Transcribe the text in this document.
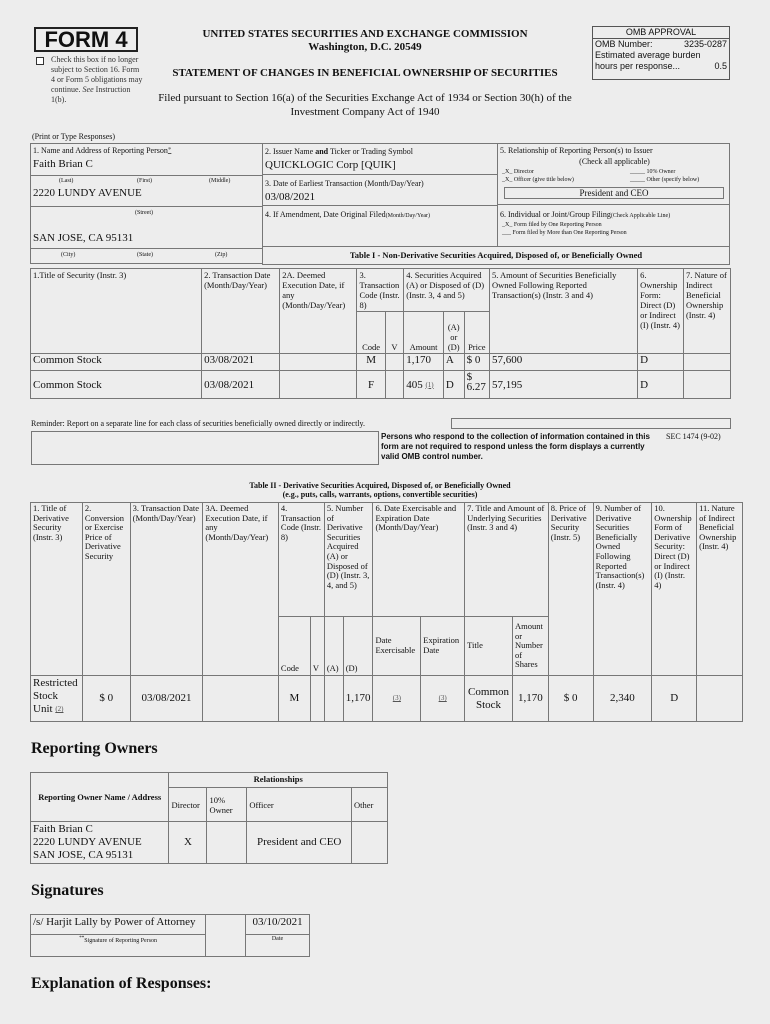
FORM 4
Check this box if no longer subject to Section 16. Form 4 or Form 5 obligations may continue. See Instruction 1(b).
UNITED STATES SECURITIES AND EXCHANGE COMMISSION
Washington, D.C. 20549
STATEMENT OF CHANGES IN BENEFICIAL OWNERSHIP OF SECURITIES
Filed pursuant to Section 16(a) of the Securities Exchange Act of 1934 or Section 30(h) of the
Investment Company Act of 1940
OMB APPROVAL
OMB Number:	3235-0287
Estimated average burden
hours per response...	0.5
(Print or Type Responses)
1. Name and Address of Reporting Person*
Faith Brian C
(Last)	(First)	(Middle)
2220 LUNDY AVENUE
(Street)
SAN JOSE, CA 95131
(City)	(State)	(Zip)
2. Issuer Name and Ticker or Trading Symbol
QUICKLOGIC Corp [QUIK]
3. Date of Earliest Transaction (Month/Day/Year)
03/08/2021
4. If Amendment, Date Original Filed(Month/Day/Year)
5. Relationship of Reporting Person(s) to Issuer
(Check all applicable)
_X_ Director	_____ 10% Owner
_X_ Officer (give title below)	_____ Other (specify below)
President and CEO
6. Individual or Joint/Group Filing(Check Applicable Line)
_X_ Form filed by One Reporting Person
___ Form filed by More than One Reporting Person
Table I - Non-Derivative Securities Acquired, Disposed of, or Beneficially Owned
1.Title of Security (Instr. 3)	2. Transaction Date (Month/Day/Year)	2A. Deemed Execution Date, if any (Month/Day/Year)	3. Transaction Code (Instr. 8)		4. Securities Acquired (A) or Disposed of (D) (Instr. 3, 4 and 5)			5. Amount of Securities Beneficially Owned Following Reported Transaction(s) (Instr. 3 and 4)	6. Ownership Form: Direct (D) or Indirect (I) (Instr. 4)	7. Nature of Indirect Beneficial Ownership (Instr. 4)
			Code	V	Amount	(A) or (D)	Price			
Common Stock	03/08/2021		M		1,170	A	$ 0	57,600	D	
Common Stock	03/08/2021		F		405 $^{(1)}$	D	$ 6.27	57,195	D	
Reminder: Report on a separate line for each class of securities beneficially owned directly or indirectly.
Persons who respond to the collection of information contained in this form are not required to respond unless the form displays a currently valid OMB control number.
SEC 1474 (9-02)
Table II - Derivative Securities Acquired, Disposed of, or Beneficially Owned
(e.g., puts, calls, warrants, options, convertible securities)
1. Title of Derivative Security (Instr. 3)	2. Conversion or Exercise Price of Derivative Security	3. Transaction Date (Month/Day/Year)	3A. Deemed Execution Date, if any (Month/Day/Year)	4. Transaction Code (Instr. 8)		5. Number of Derivative Securities Acquired (A) or Disposed of (D) (Instr. 3, 4, and 5)		6. Date Exercisable and Expiration Date (Month/Day/Year)		7. Title and Amount of Underlying Securities (Instr. 3 and 4)		8. Price of Derivative Security (Instr. 5)	9. Number of Derivative Securities Beneficially Owned Following Reported Transaction(s) (Instr. 4)	10. Ownership Form of Derivative Security: Direct (D) or Indirect (I) (Instr. 4)	11. Nature of Indirect Beneficial Ownership (Instr. 4)
				Code	V	(A)	(D)	Date Exercisable	Expiration Date	Title	Amount or Number of Shares				
Restricted Stock Unit $^{(2)}$	$ 0	03/08/2021		M			1,170	$^{(3)}$	$^{(3)}$	Common Stock	1,170	$ 0	2,340	D	
Reporting Owners
Reporting Owner Name / Address	Relationships			
	Director	10% Owner	Officer	Other

Faith Brian C
2220 LUNDY AVENUE
SAN JOSE, CA 95131	X		President and CEO	
Signatures
/s/ Harjit Lally by Power of Attorney		03/10/2021
**Signature of Reporting Person		Date
Explanation of Responses:
